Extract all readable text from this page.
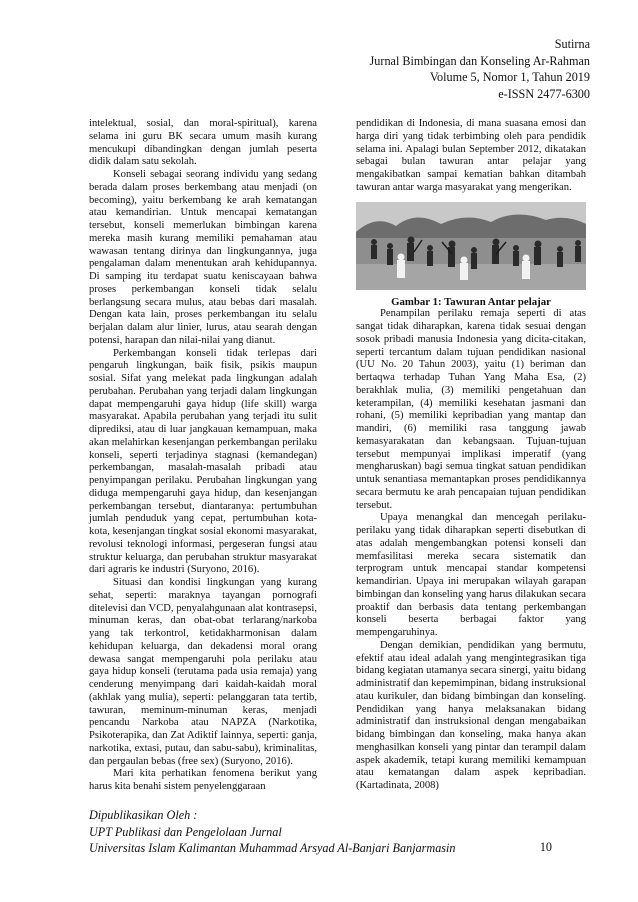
Sutirna
Jurnal Bimbingan dan Konseling Ar-Rahman
Volume 5, Nomor 1, Tahun 2019
e-ISSN 2477-6300

intelektual, sosial, dan moral-spiritual), karena selama ini guru BK secara umum masih kurang mencukupi dibandingkan dengan jumlah peserta didik dalam satu sekolah.

Konseli sebagai seorang individu yang sedang berada dalam proses berkembang atau menjadi (on becoming), yaitu berkembang ke arah kematangan atau kemandirian. Untuk mencapai kematangan tersebut, konseli memerlukan bimbingan karena mereka masih kurang memiliki pemahaman atau wawasan tentang dirinya dan lingkungannya, juga pengalaman dalam menentukan arah kehidupannya. Di samping itu terdapat suatu keniscayaan bahwa proses perkembangan konseli tidak selalu berlangsung secara mulus, atau bebas dari masalah. Dengan kata lain, proses perkembangan itu selalu berjalan dalam alur linier, lurus, atau searah dengan potensi, harapan dan nilai-nilai yang dianut.

Perkembangan konseli tidak terlepas dari pengaruh lingkungan, baik fisik, psikis maupun sosial. Sifat yang melekat pada lingkungan adalah perubahan. Perubahan yang terjadi dalam lingkungan dapat mempengaruhi gaya hidup (life skill) warga masyarakat. Apabila perubahan yang terjadi itu sulit diprediksi, atau di luar jangkauan kemampuan, maka akan melahirkan kesenjangan perkembangan perilaku konseli, seperti terjadinya stagnasi (kemandegan) perkembangan, masalah-masalah pribadi atau penyimpangan perilaku. Perubahan lingkungan yang diduga mempengaruhi gaya hidup, dan kesenjangan perkembangan tersebut, diantaranya: pertumbuhan jumlah penduduk yang cepat, pertumbuhan kota-kota, kesenjangan tingkat sosial ekonomi masyarakat, revolusi teknologi informasi, pergeseran fungsi atau struktur keluarga, dan perubahan struktur masyarakat dari agraris ke industri (Suryono, 2016).

Situasi dan kondisi lingkungan yang kurang sehat, seperti: maraknya tayangan pornografi ditelevisi dan VCD, penyalahgunaan alat kontrasepsi, minuman keras, dan obat-obat terlarang/narkoba yang tak terkontrol, ketidakharmonisan dalam kehidupan keluarga, dan dekadensi moral orang dewasa sangat mempengaruhi pola perilaku atau gaya hidup konseli (terutama pada usia remaja) yang cenderung menyimpang dari kaidah-kaidah moral (akhlak yang mulia), seperti: pelanggaran tata tertib, tawuran, meminum-minuman keras, menjadi pencandu Narkoba atau NAPZA (Narkotika, Psikoterapika, dan Zat Adiktif lainnya, seperti: ganja, narkotika, extasi, putau, dan sabu-sabu), kriminalitas, dan pergaulan bebas (free sex) (Suryono, 2016).

Mari kita perhatikan fenomena berikut yang harus kita benahi sistem penyelenggaraan

pendidikan di Indonesia, di mana suasana emosi dan harga diri yang tidak terbimbing oleh para pendidik selama ini. Apalagi bulan September 2012, dikatakan sebagai bulan tawuran antar pelajar yang mengakibatkan sampai kematian bahkan ditambah tawuran antar warga masyarakat yang mengerikan.

Gambar 1: Tawuran Antar pelajar

Penampilan perilaku remaja seperti di atas sangat tidak diharapkan, karena tidak sesuai dengan sosok pribadi manusia Indonesia yang dicita-citakan, seperti tercantum dalam tujuan pendidikan nasional (UU No. 20 Tahun 2003), yaitu (1) beriman dan bertaqwa terhadap Tuhan Yang Maha Esa, (2) berakhlak mulia, (3) memiliki pengetahuan dan keterampilan, (4) memiliki kesehatan jasmani dan rohani, (5) memiliki kepribadian yang mantap dan mandiri, (6) memiliki rasa tanggung jawab kemasyarakatan dan kebangsaan. Tujuan-tujuan tersebut mempunyai implikasi imperatif (yang mengharuskan) bagi semua tingkat satuan pendidikan untuk senantiasa memantapkan proses pendidikannya secara bermutu ke arah pencapaian tujuan pendidikan tersebut.

Upaya menangkal dan mencegah perilaku-perilaku yang tidak diharapkan seperti disebutkan di atas adalah mengembangkan potensi konseli dan memfasilitasi mereka secara sistematik dan terprogram untuk mencapai standar kompetensi kemandirian. Upaya ini merupakan wilayah garapan bimbingan dan konseling yang harus dilakukan secara proaktif dan berbasis data tentang perkembangan konseli beserta berbagai faktor yang mempengaruhinya.

Dengan demikian, pendidikan yang bermutu, efektif atau ideal adalah yang mengintegrasikan tiga bidang kegiatan utamanya secara sinergi, yaitu bidang administratif dan kepemimpinan, bidang instruksional atau kurikuler, dan bidang bimbingan dan konseling. Pendidikan yang hanya melaksanakan bidang administratif dan instruksional dengan mengabaikan bidang bimbingan dan konseling, maka hanya akan menghasilkan konseli yang pintar dan terampil dalam aspek akademik, tetapi kurang memiliki kemampuan atau kematangan dalam aspek kepribadian. (Kartadinata, 2008)

Dipublikasikan Oleh :
UPT Publikasi dan Pengelolaan Jurnal
Universitas Islam Kalimantan Muhammad Arsyad Al-Banjari Banjarmasin	10
